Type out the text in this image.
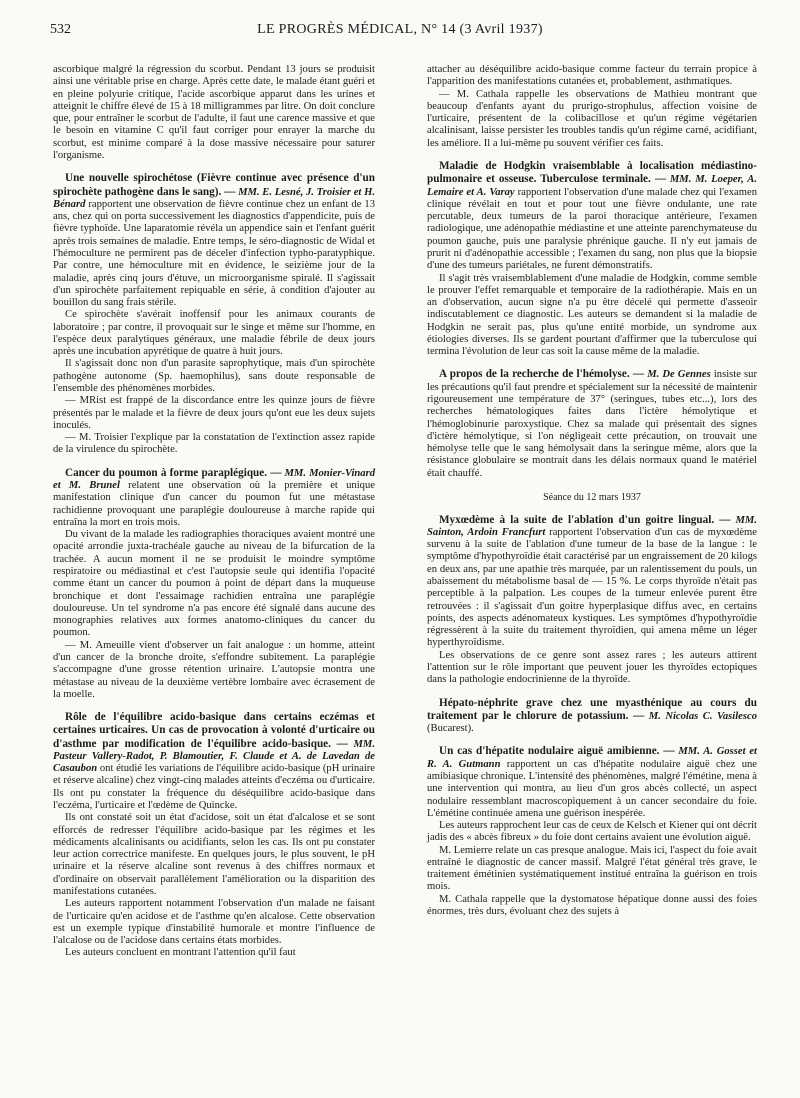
532	LE PROGRÈS MÉDICAL, N° 14 (3 Avril 1937)

ascorbique malgré la régression du scorbut. Pendant 13 jours se produisit ainsi une véritable prise en charge. Après cette date, le malade étant guéri et en pleine polyurie critique, l'acide ascorbique apparut dans les urines et atteignit le chiffre élevé de 15 à 18 milligrammes par litre. On doit conclure que, pour entraîner le scorbut de l'adulte, il faut une carence massive et que le besoin en vitamine C qu'il faut corriger pour enrayer la marche du scorbut, est minime comparé à la dose massive nécessaire pour saturer l'organisme.

Une nouvelle spirochétose (Fièvre continue avec présence d'un spirochète pathogène dans le sang). — MM. E. Lesné, J. Troisier et H. Bénard rapportent une observation de fièvre continue chez un enfant de 13 ans, chez qui on porta successivement les diagnostics d'appendicite, puis de fièvre typhoïde. Une laparatomie révéla un appendice sain et l'enfant guérit après trois semaines de maladie. Entre temps, le séro-diagnostic de Widal et l'hémoculture ne permirent pas de déceler d'infection typho-paratyphique. Par contre, une hémoculture mit en évidence, le seizième jour de la maladie, après cinq jours d'étuve, un microorganisme spiralé. Il s'agissait d'un spirochète parfaitement repiquable en série, à condition d'ajouter au bouillon du sang frais stérile.

Ce spirochète s'avérait inoffensif pour les animaux courants de laboratoire ; par contre, il provoquait sur le singe et même sur l'homme, en l'espèce deux paralytiques généraux, une maladie fébrile de deux jours après une incubation apyrétique de quatre à huit jours.

Il s'agissait donc non d'un parasite saprophytique, mais d'un spirochète pathogène autonome (Sp. haemophilus), sans doute responsable de l'ensemble des phénomènes morbides.

— MRist est frappé de la discordance entre les quinze jours de fièvre présentés par le malade et la fièvre de deux jours qu'ont eue les deux sujets inoculés.

— M. Troisier l'explique par la constatation de l'extinction assez rapide de la virulence du spirochète.

Cancer du poumon à forme paraplégique. — MM. Monier-Vinard et M. Brunel relatent une observation où la première et unique manifestation clinique d'un cancer du poumon fut une métastase rachidienne provoquant une paraplégie douloureuse à marche rapide qui entraîna la mort en trois mois.

Du vivant de la malade les radiographies thoraciques avaient montré une opacité arrondie juxta-trachéale gauche au niveau de la bifurcation de la trachée. A aucun moment il ne se produisit le moindre symptôme respiratoire ou médiastinal et c'est l'autopsie seule qui identifia l'opacité comme étant un cancer du poumon à point de départ dans la muqueuse bronchique et dont l'essaimage rachidien entraîna une paraplégie douloureuse. Un tel syndrome n'a pas encore été signalé dans aucune des monographies relatives aux formes anatomo-cliniques du cancer du poumon.

— M. Ameuille vient d'observer un fait analogue : un homme, atteint d'un cancer de la bronche droite, s'effondre subitement. La paraplégie s'accompagne d'une grosse rétention urinaire. L'autopsie montra une métastase au niveau de la deuxième vertèbre lombaire avec écrasement de la moelle.

Rôle de l'équilibre acido-basique dans certains eczémas et certaines urticaires. Un cas de provocation à volonté d'urticaire ou d'asthme par modification de l'équilibre acido-basique. — MM. Pasteur Vallery-Radot, P. Blamoutier, F. Claude et A. de Lavedan de Casaubon ont étudié les variations de l'équilibre acido-basique (pH urinaire et réserve alcaline) chez vingt-cinq malades atteints d'eczéma ou d'urticaire. Ils ont pu constater la fréquence du déséquilibre acido-basique dans l'eczéma, l'urticaire et l'œdème de Quincke.

Ils ont constaté soit un état d'acidose, soit un état d'alcalose et se sont efforcés de redresser l'équilibre acido-basique par les régimes et les médicaments alcalinisants ou acidifiants, selon les cas. Ils ont pu constater leur action correctrice manifeste. En quelques jours, le plus souvent, le pH urinaire et la réserve alcaline sont revenus à des chiffres normaux et d'ordinaire on observait parallèlement l'amélioration ou la disparition des manifestations cutanées.

Les auteurs rapportent notamment l'observation d'un malade ne faisant de l'urticaire qu'en acidose et de l'asthme qu'en alcalose. Cette observation est un exemple typique d'instabilité humorale et montre l'influence de l'alcalose ou de l'acidose dans certains états morbides.

Les auteurs concluent en montrant l'attention qu'il faut

attacher au déséquilibre acido-basique comme facteur du terrain propice à l'apparition des manifestations cutanées et, probablement, asthmatiques.

— M. Cathala rappelle les observations de Mathieu montrant que beaucoup d'enfants ayant du prurigo-strophulus, affection voisine de l'urticaire, présentent de la colibacillose et qu'un régime végétarien alcalinisant, laisse persister les troubles tandis qu'un régime carné, acidifiant, les améliore. Il a lui-même pu souvent vérifier ces faits.

Maladie de Hodgkin vraisemblable à localisation médiastino-pulmonaire et osseuse. Tuberculose terminale. — MM. M. Loeper, A. Lemaire et A. Varay rapportent l'observation d'une malade chez qui l'examen clinique révélait en tout et pour tout une fièvre ondulante, une rate percutable, deux tumeurs de la paroi thoracique antérieure, l'examen radiologique, une adénopathie médiastine et une atteinte parenchymateuse du poumon gauche, puis une paralysie phrénique gauche. Il n'y eut jamais de prurit ni d'adénopathie accessible ; l'examen du sang, non plus que la biopsie d'une des tumeurs pariétales, ne furent démonstratifs.

Il s'agit très vraisemblablement d'une maladie de Hodgkin, comme semble le prouver l'effet remarquable et temporaire de la radiothérapie. Mais en un an d'observation, aucun signe n'a pu être décelé qui permette d'asseoir indiscutablement ce diagnostic. Les auteurs se demandent si la maladie de Hodgkin ne serait pas, plus qu'une entité morbide, un syndrome aux étiologies diverses. Ils se gardent pourtant d'affirmer que la tuberculose qui termina l'évolution de leur cas soit la cause même de la maladie.

A propos de la recherche de l'hémolyse. — M. De Gennes insiste sur les précautions qu'il faut prendre et spécialement sur la nécessité de maintenir rigoureusement une température de 37° (seringues, tubes etc...), lors des recherches hématologiques faites dans l'ictère hémolytique et l'hémoglobinurie paroxystique. Chez sa malade qui présentait des signes d'ictère hémolytique, si l'on négligeait cette précaution, on trouvait une hémolyse telle que le sang hémolysait dans la seringue même, alors que la résistance globulaire se montrait dans les délais normaux quand le matériel était chauffé.

Séance du 12 mars 1937

Myxœdème à la suite de l'ablation d'un goitre lingual. — MM. Sainton, Ardoin Francfurt rapportent l'observation d'un cas de myxœdème survenu à la suite de l'ablation d'une tumeur de la base de la langue : le symptôme d'hypothyroïdie était caractérisé par un engraissement de 20 kilogs en deux ans, par une apathie très marquée, par un ralentissement du pouls, un abaissement du métabolisme basal de — 15 %. Le corps thyroïde n'était pas perceptible à la palpation. Les coupes de la tumeur enlevée purent être retrouvées : il s'agissait d'un goitre hyperplasique diffus avec, en certains points, des aspects adénomateux kystiques. Les symptômes d'hypothyroïdie régressèrent à la suite du traitement thyroïdien, qui amena même un léger hyperthyroïdisme.

Les observations de ce genre sont assez rares ; les auteurs attirent l'attention sur le rôle important que peuvent jouer les thyroïdes ectopiques dans la pathologie endocrinienne de la thyroïde.

Hépato-néphrite grave chez une myasthénique au cours du traitement par le chlorure de potassium. — M. Nicolas C. Vasilesco (Bucarest).

Un cas d'hépatite nodulaire aiguë amibienne. — MM. A. Gosset et R. A. Gutmann rapportent un cas d'hépatite nodulaire aiguë chez une amibiasique chronique. L'intensité des phénomènes, malgré l'émétine, mena à une intervention qui montra, au lieu d'un gros abcès collecté, un aspect nodulaire ressemblant macroscopiquement à un cancer secondaire du foie. L'émétine continuée amena une guérison inespérée.

Les auteurs rapprochent leur cas de ceux de Kelsch et Kiener qui ont décrit jadis des « abcès fibreux » du foie dont certains avaient une évolution aiguë.

M. Lemierre relate un cas presque analogue. Mais ici, l'aspect du foie avait entraîné le diagnostic de cancer massif. Malgré l'état général très grave, le traitement émétinien systématiquement institué entraîna la guérison en trois mois.

M. Cathala rappelle que la dystomatose hépatique donne aussi des foies énormes, très durs, évoluant chez des sujets à
